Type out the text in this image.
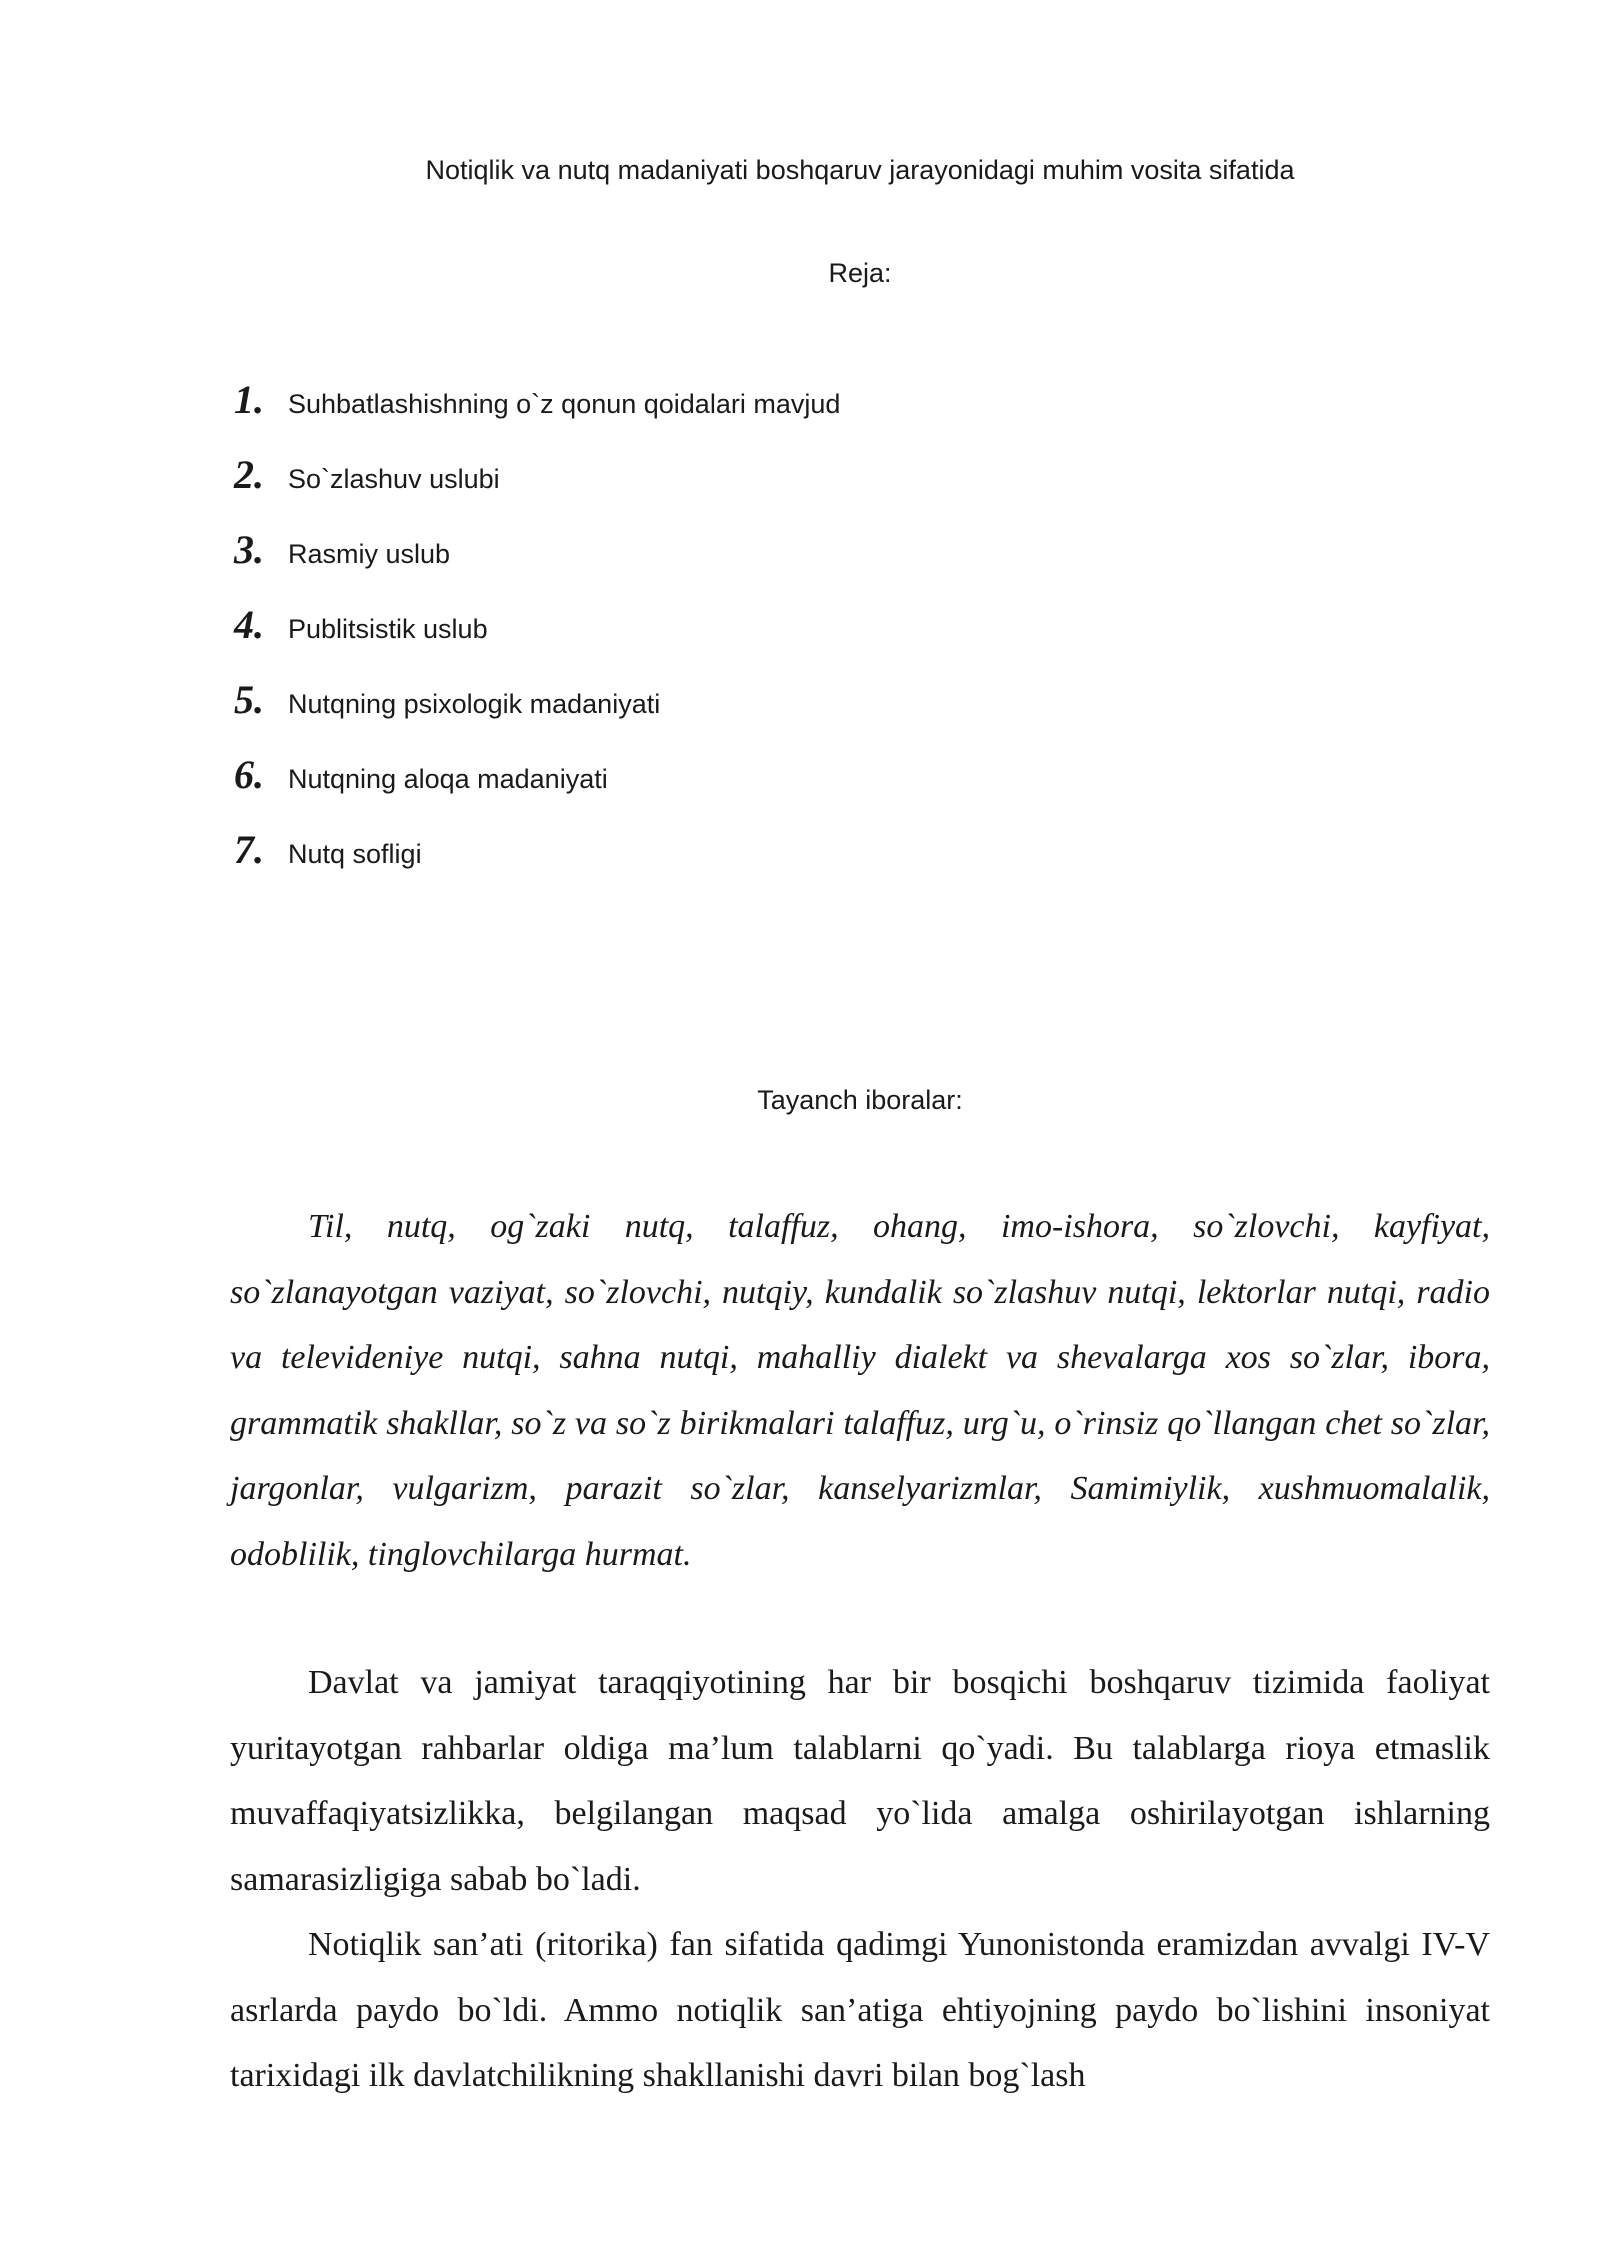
Notiqlik va nutq madaniyati boshqaruv jarayonidagi muhim vosita sifatida
Reja:
1. Suhbatlashishning o`z qonun qoidalari mavjud
2. So`zlashuv uslubi
3. Rasmiy uslub
4. Publitsistik uslub
5. Nutqning psixologik madaniyati
6. Nutqning aloqa madaniyati
7. Nutq sofligi
Tayanch iboralar:

Til, nutq, og`zaki nutq, talaffuz, ohang, imo-ishora, so`zlovchi, kayfiyat, so`zlanayotgan vaziyat, so`zlovchi, nutqiy, kundalik so`zlashuv nutqi, lektorlar nutqi, radio va televideniye nutqi, sahna nutqi, mahalliy dialekt va shevalarga xos so`zlar, ibora, grammatik shakllar, so`z va so`z birikmalari talaffuz, urg`u, o`rinsiz qo`llangan chet so`zlar, jargonlar, vulgarizm, parazit so`zlar, kanselyarizmlar, Samimiylik, xushmuomalalik, odoblilik, tinglovchilarga hurmat.

Davlat va jamiyat taraqqiyotining har bir bosqichi boshqaruv tizimida faoliyat yuritayotgan rahbarlar oldiga ma’lum talablarni qo`yadi. Bu talablarga rioya etmaslik muvaffaqiyatsizlikka, belgilangan maqsad yo`lida amalga oshirilayotgan ishlarning samarasizligiga sabab bo`ladi.

Notiqlik san’ati (ritorika) fan sifatida qadimgi Yunonistonda eramizdan avvalgi IV-V asrlarda paydo bo`ldi. Ammo notiqlik san’atiga ehtiyojning paydo bo`lishini insoniyat tarixidagi ilk davlatchilikning shakllanishi davri bilan bog`lash
